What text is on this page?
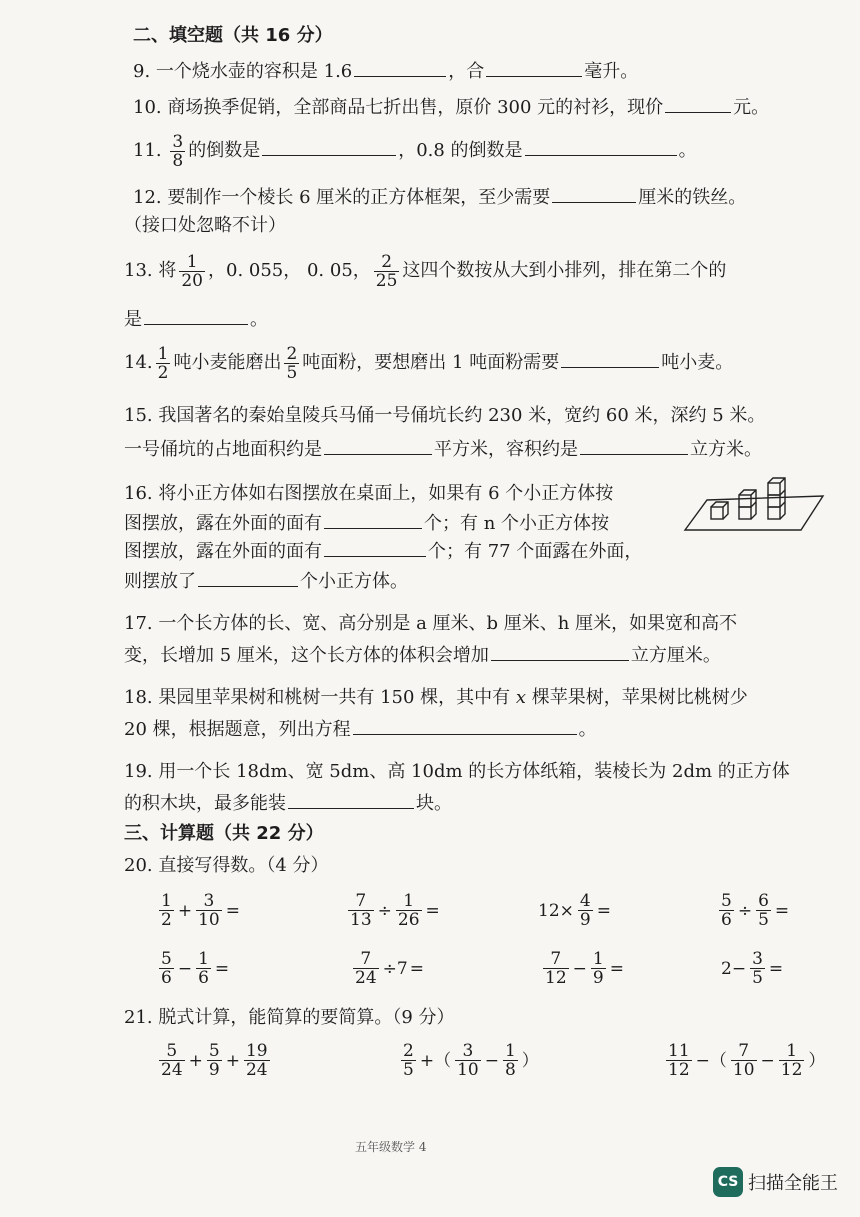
二、填空题（共 16 分）
9. 一个烧水壶的容积是 1.6	，合	毫升。
10. 商场换季促销，全部商品七折出售，原价 300 元的衬衫，现价	元。
11. $\frac{3}{8}$ 的倒数是	，0.8 的倒数是	。
12. 要制作一个棱长 6 厘米的正方体框架，至少需要	厘米的铁丝。
（接口处忽略不计）
13. 将 $\frac{1}{20}$ ，0. 055， 0. 05， $\frac{2}{25}$ 这四个数按从大到小排列，排在第二个的
是	。
14. $\frac{1}{2}$ 吨小麦能磨出 $\frac{2}{5}$ 吨面粉，要想磨出 1 吨面粉需要	吨小麦。
15. 我国著名的秦始皇陵兵马俑一号俑坑长约 230 米，宽约 60 米，深约 5 米。
一号俑坑的占地面积约是	平方米，容积约是	立方米。
16. 将小正方体如右图摆放在桌面上，如果有 6 个小正方体按
图摆放，露在外面的面有	个；有 n 个小正方体按
图摆放，露在外面的面有	个；有 77 个面露在外面，
则摆放了	个小正方体。
17. 一个长方体的长、宽、高分别是 a 厘米、b 厘米、h 厘米，如果宽和高不
变，长增加 5 厘米，这个长方体的体积会增加	立方厘米。
18. 果园里苹果树和桃树一共有 150 棵，其中有 x 棵苹果树，苹果树比桃树少
20 棵，根据题意，列出方程	。
19. 用一个长 18dm、宽 5dm、高 10dm 的长方体纸箱，装棱长为 2dm 的正方体
的积木块，最多能装	块。
三、计算题（共 22 分）
20. 直接写得数。（4 分）
$\frac{1}{2} + \frac{3}{10}$ =	$\frac{7}{13} \div \frac{1}{26}$ =	$12\times \frac{4}{9}$ =	$\frac{5}{6} \div \frac{6}{5}$ =
$\frac{5}{6} - \frac{1}{6}$ =	$\frac{7}{24} \div 7$ =	$\frac{7}{12} - \frac{1}{9}$ =	$2- \frac{3}{5}$ =
21. 脱式计算，能简算的要简算。（9 分）
$\frac{5}{24} + \frac{5}{9} + \frac{19}{24}$	$\frac{2}{5}$ +（ $\frac{3}{10} - \frac{1}{8}$ ）	$\frac{11}{12}$ −（ $\frac{7}{10} - \frac{1}{12}$ ）
五年级数学 4
CS 扫描全能王
